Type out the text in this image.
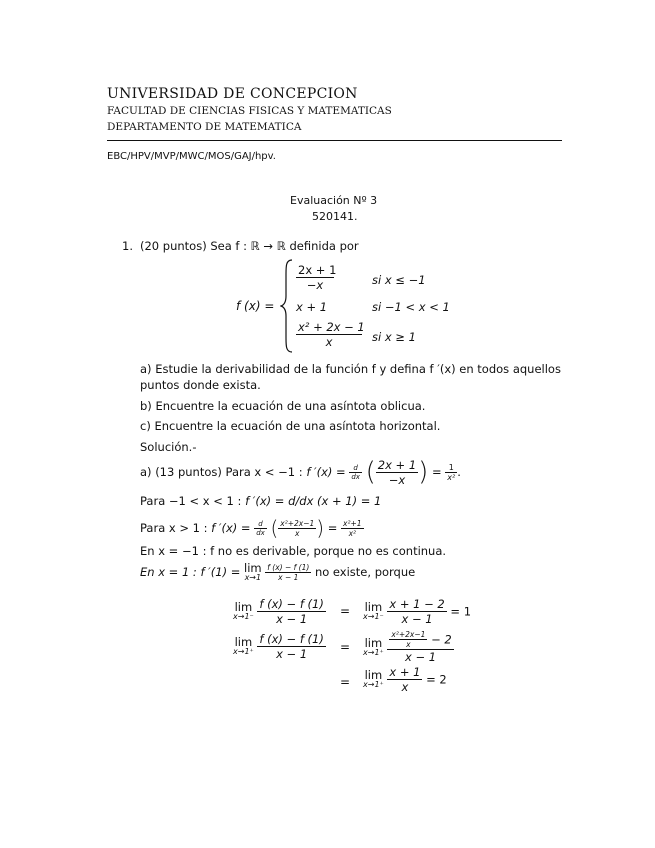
UNIVERSIDAD DE CONCEPCION
FACULTAD DE CIENCIAS FISICAS Y MATEMATICAS
DEPARTAMENTO DE MATEMATICA
EBC/HPV/MVP/MWC/MOS/GAJ/hpv.
Evaluación Nº 3
520141.
1. (20 puntos) Sea f : ℝ → ℝ definida por
f (x) =
$\frac{2x + 1}{-x}$	si x ≤ −1
x + 1	si −1 < x < 1
$\frac{\text{x² + 2x − 1}}{x}$ si x ≥ 1
a) Estudie la derivabilidad de la función f y defina f ′(x) en todos aquellos
puntos donde exista.
b) Encuentre la ecuación de una asíntota oblicua.
c) Encuentre la ecuación de una asíntota horizontal.
Solución.-
a) (13 puntos) Para x < −1 : f $'(x) = \frac{d}{dx}$ ( $\frac{2x + 1}{-x}$ ) = $\frac{1}{\text{x²}}$ .
Para −1 < x < 1 : f ′(x) = d/dx (x + 1) = 1
Para x > 1 : f $'(x) = \frac{d}{dx}$ ( $\frac{\text{x²+2x−1}}{x}$ ) = $\frac{\text{x²+1}}{\text{x²}}$
En x = −1 : f no es derivable, porque no es continua.
En x = 1 : f ′(1) = lim
x→1
$\frac{f (x) - f (1)}{x - 1}$ no existe, porque
lim
x→1⁻
$\frac{f (x) - f (1)}{x - 1} = \lim$
x→1⁻
$\frac{x + 1 - 2}{x - 1} = 1$
lim
x→1⁺
$\frac{f (x) - f (1)}{x - 1} = \lim$
x→1⁺
$\frac{\frac{\text{x²+2x−1}}{x} - 2}{x - 1}$
= lim
x→1⁺
$\frac{x + 1}{x} = 2$
